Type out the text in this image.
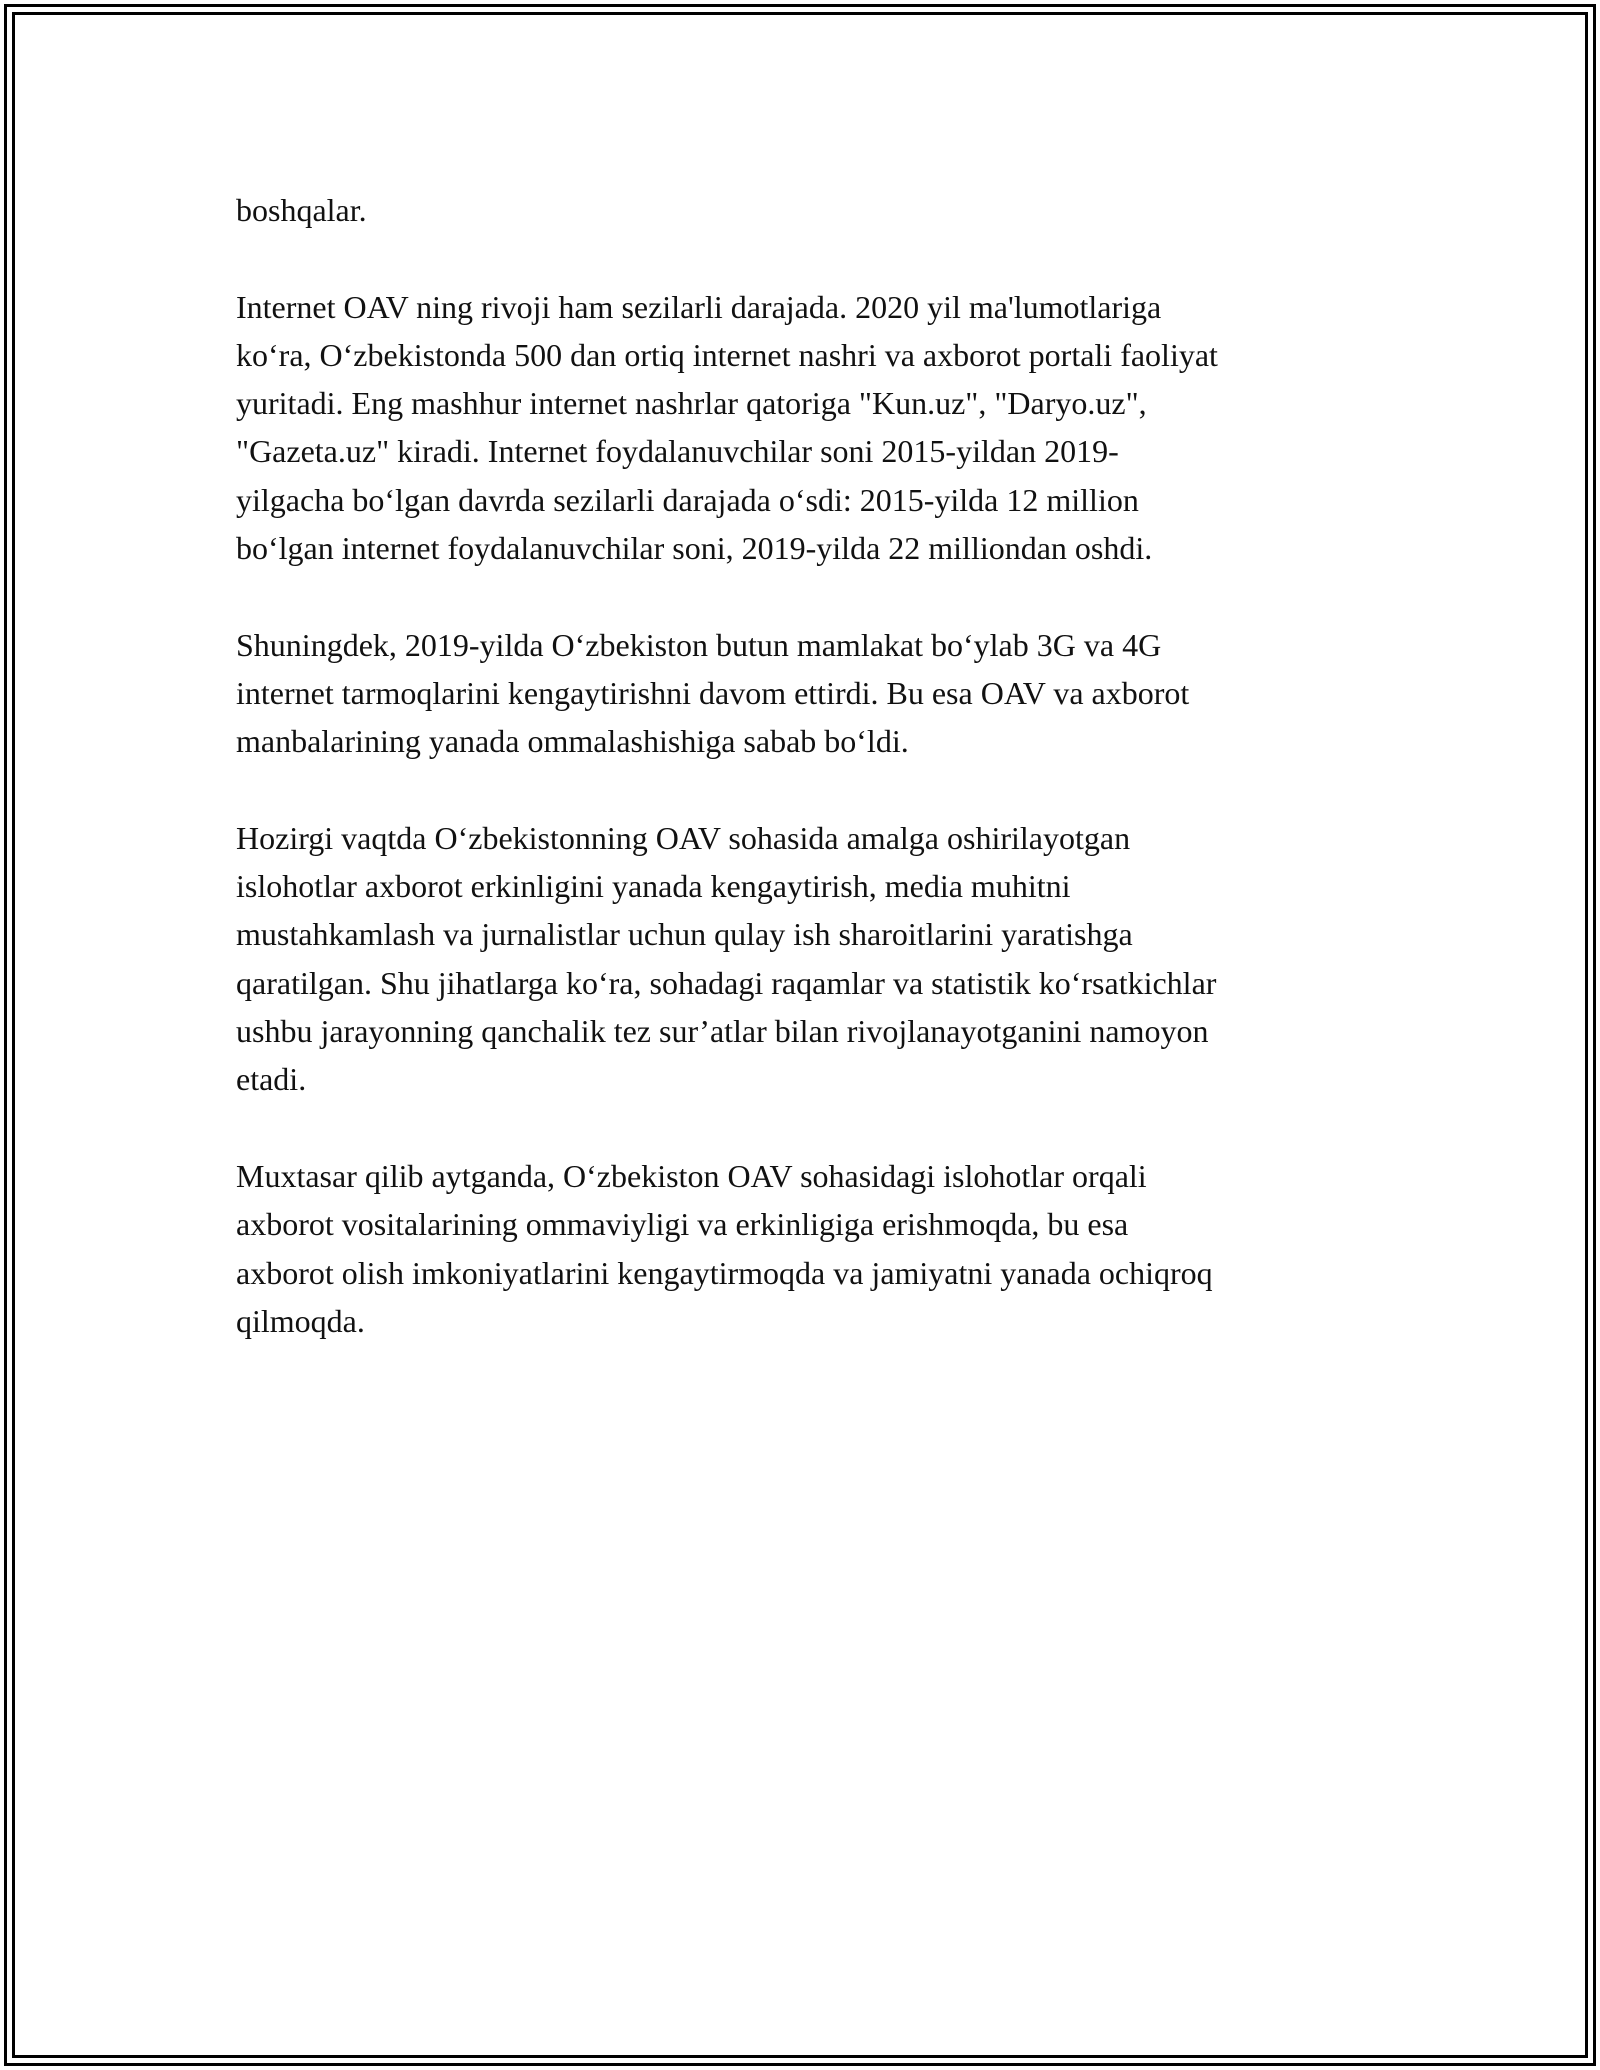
boshqalar.

Internet OAV ning rivoji ham sezilarli darajada. 2020 yil ma'lumotlariga
ko‘ra, O‘zbekistonda 500 dan ortiq internet nashri va axborot portali faoliyat
yuritadi. Eng mashhur internet nashrlar qatoriga "Kun.uz", "Daryo.uz",
"Gazeta.uz" kiradi. Internet foydalanuvchilar soni 2015-yildan 2019-
yilgacha bo‘lgan davrda sezilarli darajada o‘sdi: 2015-yilda 12 million
bo‘lgan internet foydalanuvchilar soni, 2019-yilda 22 milliondan oshdi.

Shuningdek, 2019-yilda O‘zbekiston butun mamlakat bo‘ylab 3G va 4G
internet tarmoqlarini kengaytirishni davom ettirdi. Bu esa OAV va axborot
manbalarining yanada ommalashishiga sabab bo‘ldi.

Hozirgi vaqtda O‘zbekistonning OAV sohasida amalga oshirilayotgan
islohotlar axborot erkinligini yanada kengaytirish, media muhitni
mustahkamlash va jurnalistlar uchun qulay ish sharoitlarini yaratishga
qaratilgan. Shu jihatlarga ko‘ra, sohadagi raqamlar va statistik ko‘rsatkichlar
ushbu jarayonning qanchalik tez sur’atlar bilan rivojlanayotganini namoyon
etadi.

Muxtasar qilib aytganda, O‘zbekiston OAV sohasidagi islohotlar orqali
axborot vositalarining ommaviyligi va erkinligiga erishmoqda, bu esa
axborot olish imkoniyatlarini kengaytirmoqda va jamiyatni yanada ochiqroq
qilmoqda.
